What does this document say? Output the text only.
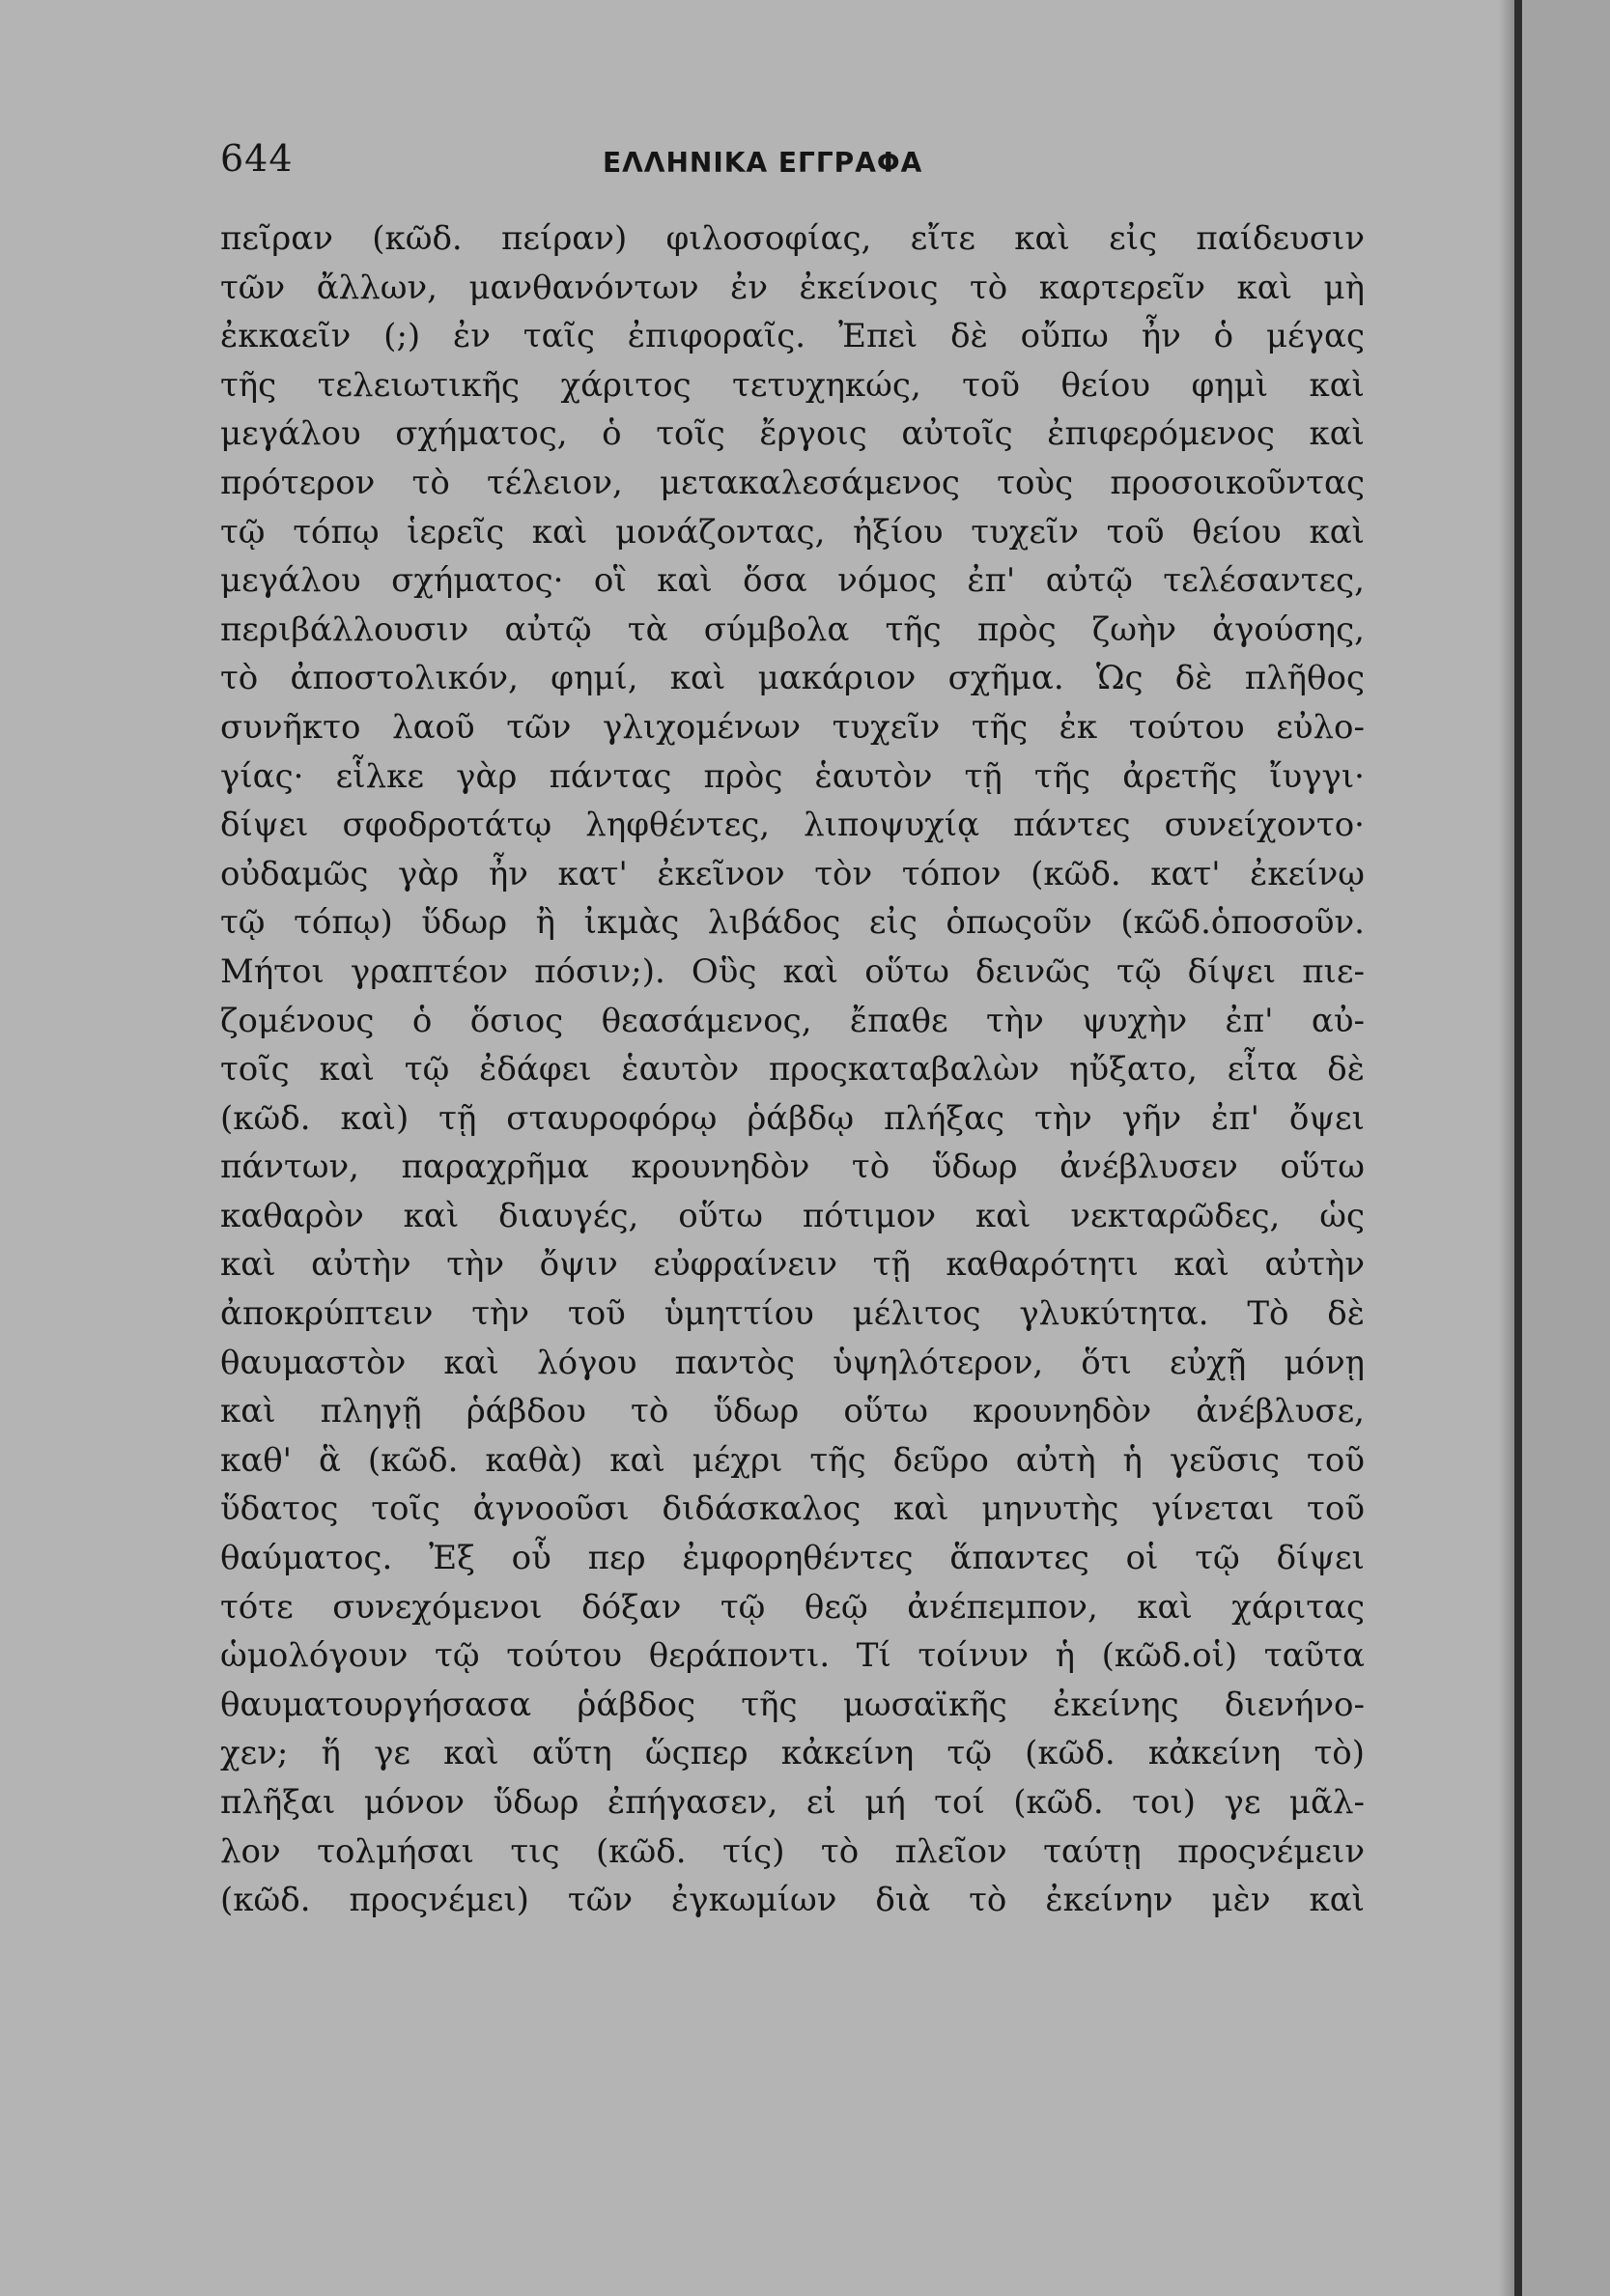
644	ΕΛΛΗΝΙΚΑ ΕΓΓΡΑΦΑ
πεῖραν (κῶδ. πείραν) φιλοσοφίας, εἴτε καὶ εἰς παίδευσιν
τῶν ἄλλων, μανθανόντων ἐν ἐκείνοις τὸ καρτερεῖν καὶ μὴ
ἐκκαεῖν (;) ἐν ταῖς ἐπιφοραῖς. Ἐπεὶ δὲ οὔπω ἦν ὁ μέγας
τῆς τελειωτικῆς χάριτος τετυχηκώς, τοῦ θείου φημὶ καὶ
μεγάλου σχήματος, ὁ τοῖς ἔργοις αὐτοῖς ἐπιφερόμενος καὶ
πρότερον τὸ τέλειον, μετακαλεσάμενος τοὺς προσοικοῦντας
τῷ τόπῳ ἱερεῖς καὶ μονάζοντας, ἠξίου τυχεῖν τοῦ θείου καὶ
μεγάλου σχήματος· οἳ καὶ ὅσα νόμος ἐπ' αὐτῷ τελέσαντες,
περιβάλλουσιν αὐτῷ τὰ σύμβολα τῆς πρὸς ζωὴν ἀγούσης,
τὸ ἀποστολικόν, φημί, καὶ μακάριον σχῆμα. Ὡς δὲ πλῆθος
συνῆκτο λαοῦ τῶν γλιχομένων τυχεῖν τῆς ἐκ τούτου εὐλο-
γίας· εἷλκε γὰρ πάντας πρὸς ἑαυτὸν τῇ τῆς ἀρετῆς ἴυγγι·
δίψει σφοδροτάτῳ ληφθέντες, λιποψυχίᾳ πάντες συνείχοντο·
οὐδαμῶς γὰρ ἦν κατ' ἐκεῖνον τὸν τόπον (κῶδ. κατ' ἐκείνῳ
τῷ τόπῳ) ὕδωρ ἢ ἰκμὰς λιβάδος εἰς ὁπωςοῦν (κῶδ.ὁποσοῦν.
Μήτοι γραπτέον πόσιν;). Οὓς καὶ οὕτω δεινῶς τῷ δίψει πιε-
ζομένους ὁ ὅσιος θεασάμενος, ἔπαθε τὴν ψυχὴν ἐπ' αὐ-
τοῖς καὶ τῷ ἐδάφει ἑαυτὸν προςκαταβαλὼν ηὔξατο, εἶτα δὲ
(κῶδ. καὶ) τῇ σταυροφόρῳ ῥάβδῳ πλήξας τὴν γῆν ἐπ' ὄψει
πάντων, παραχρῆμα κρουνηδὸν τὸ ὕδωρ ἀνέβλυσεν οὕτω
καθαρὸν καὶ διαυγές, οὕτω πότιμον καὶ νεκταρῶδες, ὡς
καὶ αὐτὴν τὴν ὄψιν εὐφραίνειν τῇ καθαρότητι καὶ αὐτὴν
ἀποκρύπτειν τὴν τοῦ ὑμηττίου μέλιτος γλυκύτητα. Τὸ δὲ
θαυμαστὸν καὶ λόγου παντὸς ὑψηλότερον, ὅτι εὐχῇ μόνῃ
καὶ πληγῇ ῥάβδου τὸ ὕδωρ οὕτω κρουνηδὸν ἀνέβλυσε,
καθ' ἃ (κῶδ. καθὰ) καὶ μέχρι τῆς δεῦρο αὐτὴ ἡ γεῦσις τοῦ
ὕδατος τοῖς ἀγνοοῦσι διδάσκαλος καὶ μηνυτὴς γίνεται τοῦ
θαύματος. Ἐξ οὗ περ ἐμφορηθέντες ἅπαντες οἱ τῷ δίψει
τότε συνεχόμενοι δόξαν τῷ θεῷ ἀνέπεμπον, καὶ χάριτας
ὡμολόγουν τῷ τούτου θεράποντι. Τί τοίνυν ἡ (κῶδ.οἱ) ταῦτα
θαυματουργήσασα ῥάβδος τῆς μωσαϊκῆς ἐκείνης διενήνο-
χεν; ἥ γε καὶ αὕτη ὥςπερ κἀκείνη τῷ (κῶδ. κἀκείνη τὸ)
πλῆξαι μόνον ὕδωρ ἐπήγασεν, εἰ μή τοί (κῶδ. τοι) γε μᾶλ-
λον τολμήσαι τις (κῶδ. τίς) τὸ πλεῖον ταύτῃ προςνέμειν
(κῶδ. προςνέμει) τῶν ἐγκωμίων διὰ τὸ ἐκείνην μὲν καὶ
